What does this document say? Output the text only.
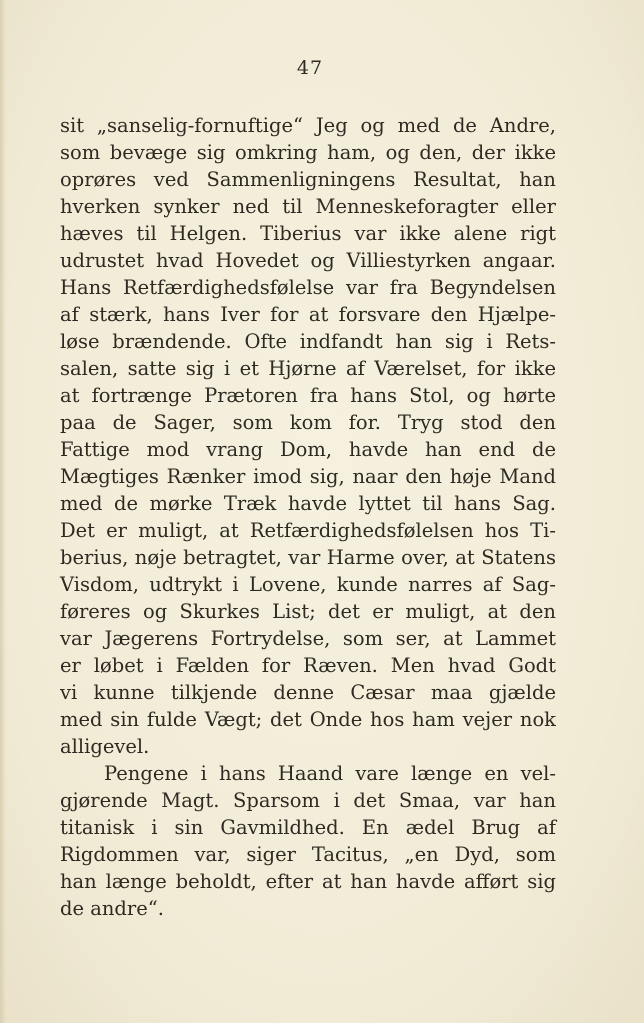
47
sit „sanselig-fornuftige“ Jeg og med de Andre,
som bevæge sig omkring ham, og den, der ikke
oprøres ved Sammenligningens Resultat, han
hverken synker ned til Menneskeforagter eller
hæves til Helgen. Tiberius var ikke alene rigt
udrustet hvad Hovedet og Villiestyrken angaar.
Hans Retfærdighedsfølelse var fra Begyndelsen
af stærk, hans Iver for at forsvare den Hjælpe-
løse brændende. Ofte indfandt han sig i Rets-
salen, satte sig i et Hjørne af Værelset, for ikke
at fortrænge Prætoren fra hans Stol, og hørte
paa de Sager, som kom for. Tryg stod den
Fattige mod vrang Dom, havde han end de
Mægtiges Rænker imod sig, naar den høje Mand
med de mørke Træk havde lyttet til hans Sag.
Det er muligt, at Retfærdighedsfølelsen hos Ti-
berius, nøje betragtet, var Harme over, at Statens
Visdom, udtrykt i Lovene, kunde narres af Sag-
føreres og Skurkes List; det er muligt, at den
var Jægerens Fortrydelse, som ser, at Lammet
er løbet i Fælden for Ræven. Men hvad Godt
vi kunne tilkjende denne Cæsar maa gjælde
med sin fulde Vægt; det Onde hos ham vejer nok
alligevel.
Pengene i hans Haand vare længe en vel-
gjørende Magt. Sparsom i det Smaa, var han
titanisk i sin Gavmildhed. En ædel Brug af
Rigdommen var, siger Tacitus, „en Dyd, som
han længe beholdt, efter at han havde afført sig
de andre“.
